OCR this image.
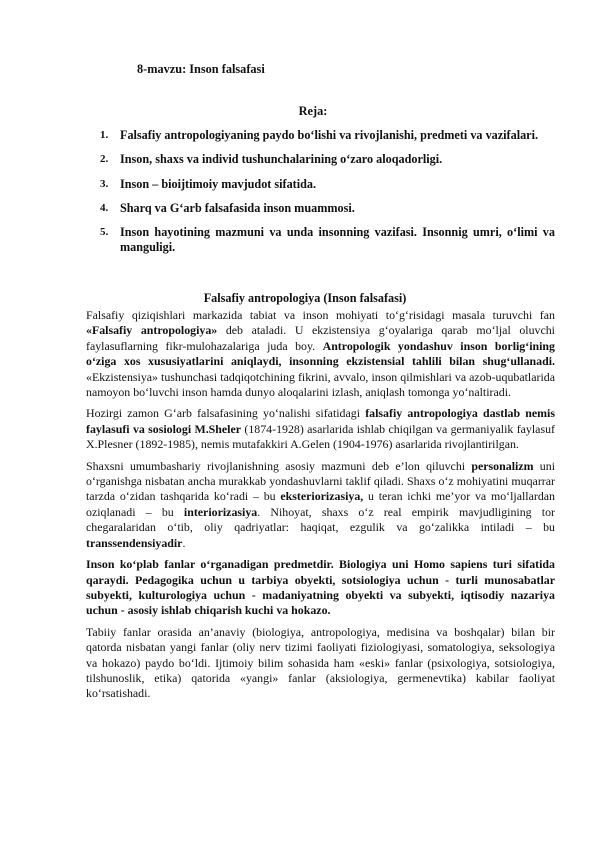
8-mavzu: Inson falsafasi
Reja:
1. Falsafiy antropologiyaning paydo bo‘lishi va rivojlanishi, predmeti va vazifalari.
2. Inson, shaxs va individ tushunchalarining o‘zaro aloqadorligi.
3. Inson – bioijtimoiy mavjudot sifatida.
4. Sharq va G‘arb falsafasida inson muammosi.
5. Inson hayotining mazmuni va unda insonning vazifasi. Insonnig umri, o‘limi va manguligi.
Falsafiy antropologiya (Inson falsafasi)

Falsafiy qiziqishlari markazida tabiat va inson mohiyati to‘g‘risidagi masala turuvchi fan «Falsafiy antropologiya» deb ataladi. U ekzistensiya g‘oyalariga qarab mo‘ljal oluvchi faylasuflarning fikr-mulohazalariga juda boy. Antropologik yondashuv inson borlig‘ining o‘ziga xos xususiyatlarini aniqlaydi, insonning ekzistensial tahlili bilan shug‘ullanadi. «Ekzistensiya» tushunchasi tadqiqotchining fikrini, avvalo, inson qilmishlari va azob-uqubatlarida namoyon bo‘luvchi inson hamda dunyo aloqalarini izlash, aniqlash tomonga yo‘naltiradi.

Hozirgi zamon G‘arb falsafasining yo‘nalishi sifatidagi falsafiy antropologiya dastlab nemis faylasufi va sosiologi M.Sheler (1874-1928) asarlarida ishlab chiqilgan va germaniyalik faylasuf X.Plesner (1892-1985), nemis mutafakkiri A.Gelen (1904-1976) asarlarida rivojlantirilgan.

Shaxsni umumbashariy rivojlanishning asosiy mazmuni deb e’lon qiluvchi personalizm uni o‘rganishga nisbatan ancha murakkab yondashuvlarni taklif qiladi. Shaxs o‘z mohiyatini muqarrar tarzda o‘zidan tashqarida ko‘radi – bu eksteriorizasiya, u teran ichki me’yor va mo‘ljallardan oziqlanadi – bu interiorizasiya. Nihoyat, shaxs o‘z real empirik mavjudligining tor chegaralaridan o‘tib, oliy qadriyatlar: haqiqat, ezgulik va go‘zalikka intiladi – bu transsendensiyadir.

Inson ko‘plab fanlar o‘rganadigan predmetdir. Biologiya uni Homo sapiens turi sifatida qaraydi. Pedagogika uchun u tarbiya obyekti, sotsiologiya uchun - turli munosabatlar subyekti, kulturologiya uchun - madaniyatning obyekti va subyekti, iqtisodiy nazariya uchun - asosiy ishlab chiqarish kuchi va hokazo.

Tabiiy fanlar orasida an’anaviy (biologiya, antropologiya, medisina va boshqalar) bilan bir qatorda nisbatan yangi fanlar (oliy nerv tizimi faoliyati fiziologiyasi, somatologiya, seksologiya va hokazo) paydo bo‘ldi. Ijtimoiy bilim sohasida ham «eski» fanlar (psixologiya, sotsiologiya, tilshunoslik, etika) qatorida «yangi» fanlar (aksiologiya, germenevtika) kabilar faoliyat ko‘rsatishadi.
